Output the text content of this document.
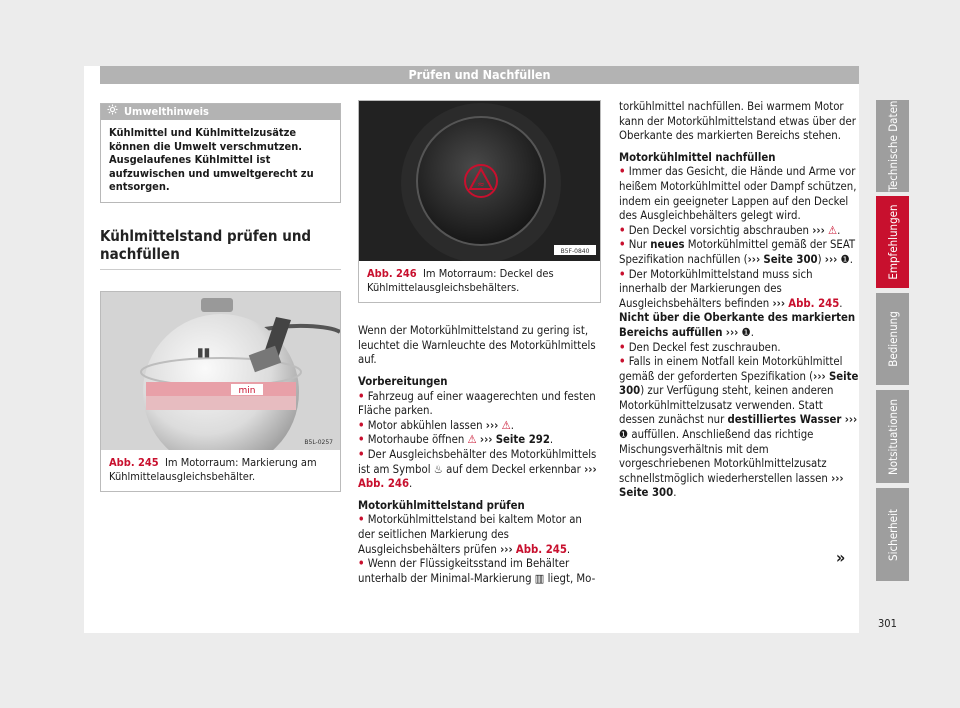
Prüfen und Nachfüllen
Umwelthinweis
Kühlmittel und Kühlmittelzusätze können die Umwelt verschmutzen. Ausgelaufenes Kühlmittel ist aufzuwischen und umweltgerecht zu entsorgen.
Kühlmittelstand prüfen und nachfüllen
min
▮▮
B5L-0257
Abb. 245 Im Motorraum: Markierung am Kühlmittelausgleichsbehälter.
≈
B5F-0840
Abb. 246 Im Motorraum: Deckel des Kühlmittelausgleichsbehälters.

Wenn der Motorkühlmittelstand zu gering ist, leuchtet die Warnleuchte des Motorkühlmittels auf.

Vorbereitungen

• Fahrzeug auf einer waagerechten und festen Fläche parken.

• Motor abkühlen lassen ››› ⚠.

• Motorhaube öffnen ⚠ ››› Seite 292.

• Der Ausgleichsbehälter des Motorkühlmittels ist am Symbol ♨ auf dem Deckel erkennbar ››› Abb. 246.

Motorkühlmittelstand prüfen

• Motorkühlmittelstand bei kaltem Motor an der seitlichen Markierung des Ausgleichsbehälters prüfen ››› Abb. 245.

• Wenn der Flüssigkeitsstand im Behälter unterhalb der Minimal-Markierung ▥ liegt, Mo-

torkühlmittel nachfüllen. Bei warmem Motor kann der Motorkühlmittelstand etwas über der Oberkante des markierten Bereichs stehen.

Motorkühlmittel nachfüllen

• Immer das Gesicht, die Hände und Arme vor heißem Motorkühlmittel oder Dampf schützen, indem ein geeigneter Lappen auf den Deckel des Ausgleichbehälters gelegt wird.

• Den Deckel vorsichtig abschrauben ››› ⚠.

• Nur neues Motorkühlmittel gemäß der SEAT Spezifikation nachfüllen (››› Seite 300) ››› ❶.

• Der Motorkühlmittelstand muss sich innerhalb der Markierungen des Ausgleichsbehälters befinden ››› Abb. 245. Nicht über die Oberkante des markierten Bereichs auffüllen ››› ❶.

• Den Deckel fest zuschrauben.

• Falls in einem Notfall kein Motorkühlmittel gemäß der geforderten Spezifikation (››› Seite 300) zur Verfügung steht, keinen anderen Motorkühlmittelzusatz verwenden. Statt dessen zunächst nur destilliertes Wasser ››› ❶ auffüllen. Anschließend das richtige Mischungsverhältnis mit dem vorgeschriebenen Motorkühlmittelzusatz schnellstmöglich wiederherstellen lassen ››› Seite 300.

»
Technische Daten
Empfehlungen
Bedienung
Notsituationen
Sicherheit
301
